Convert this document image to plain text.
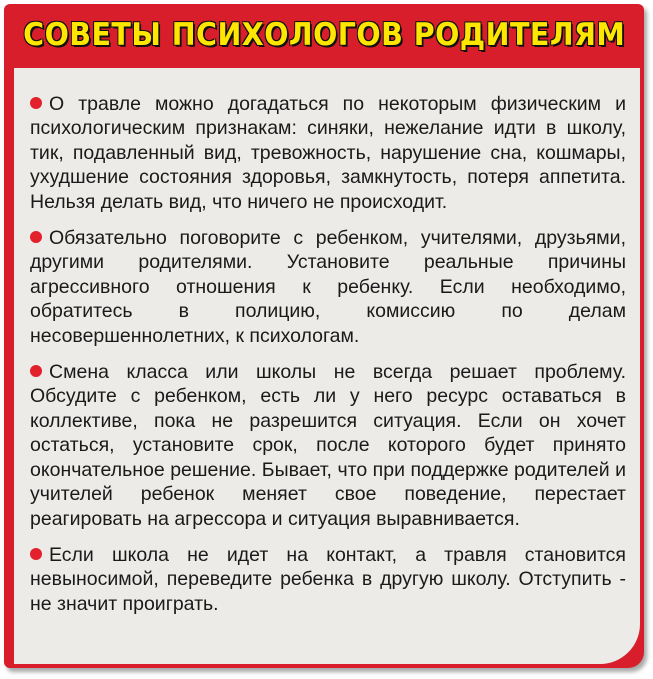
СОВЕТЫ ПСИХОЛОГОВ РОДИТЕЛЯМ
О травле можно догадаться по некоторым физическим и психологическим признакам: синяки, нежелание идти в школу, тик, подавленный вид, тревожность, нарушение сна, кошмары, ухудшение состояния здоровья, замкнутость, потеря аппетита. Нельзя делать вид, что ничего не происходит.
Обязательно поговорите с ребенком, учителями, друзьями, другими родителями. Установите реальные причины агрессивного отношения к ребенку. Если необходимо, обратитесь в полицию, комиссию по делам несовершеннолетних, к психологам.
Смена класса или школы не всегда решает проблему. Обсудите с ребенком, есть ли у него ресурс оставаться в коллективе, пока не разрешится ситуация. Если он хочет остаться, установите срок, после которого будет принято окончательное решение. Бывает, что при поддержке родителей и учителей ребенок меняет свое поведение, перестает реагировать на агрессора и ситуация выравнивается.
Если школа не идет на контакт, а травля становится невыносимой, переведите ребенка в другую школу. Отступить - не значит проиграть.
